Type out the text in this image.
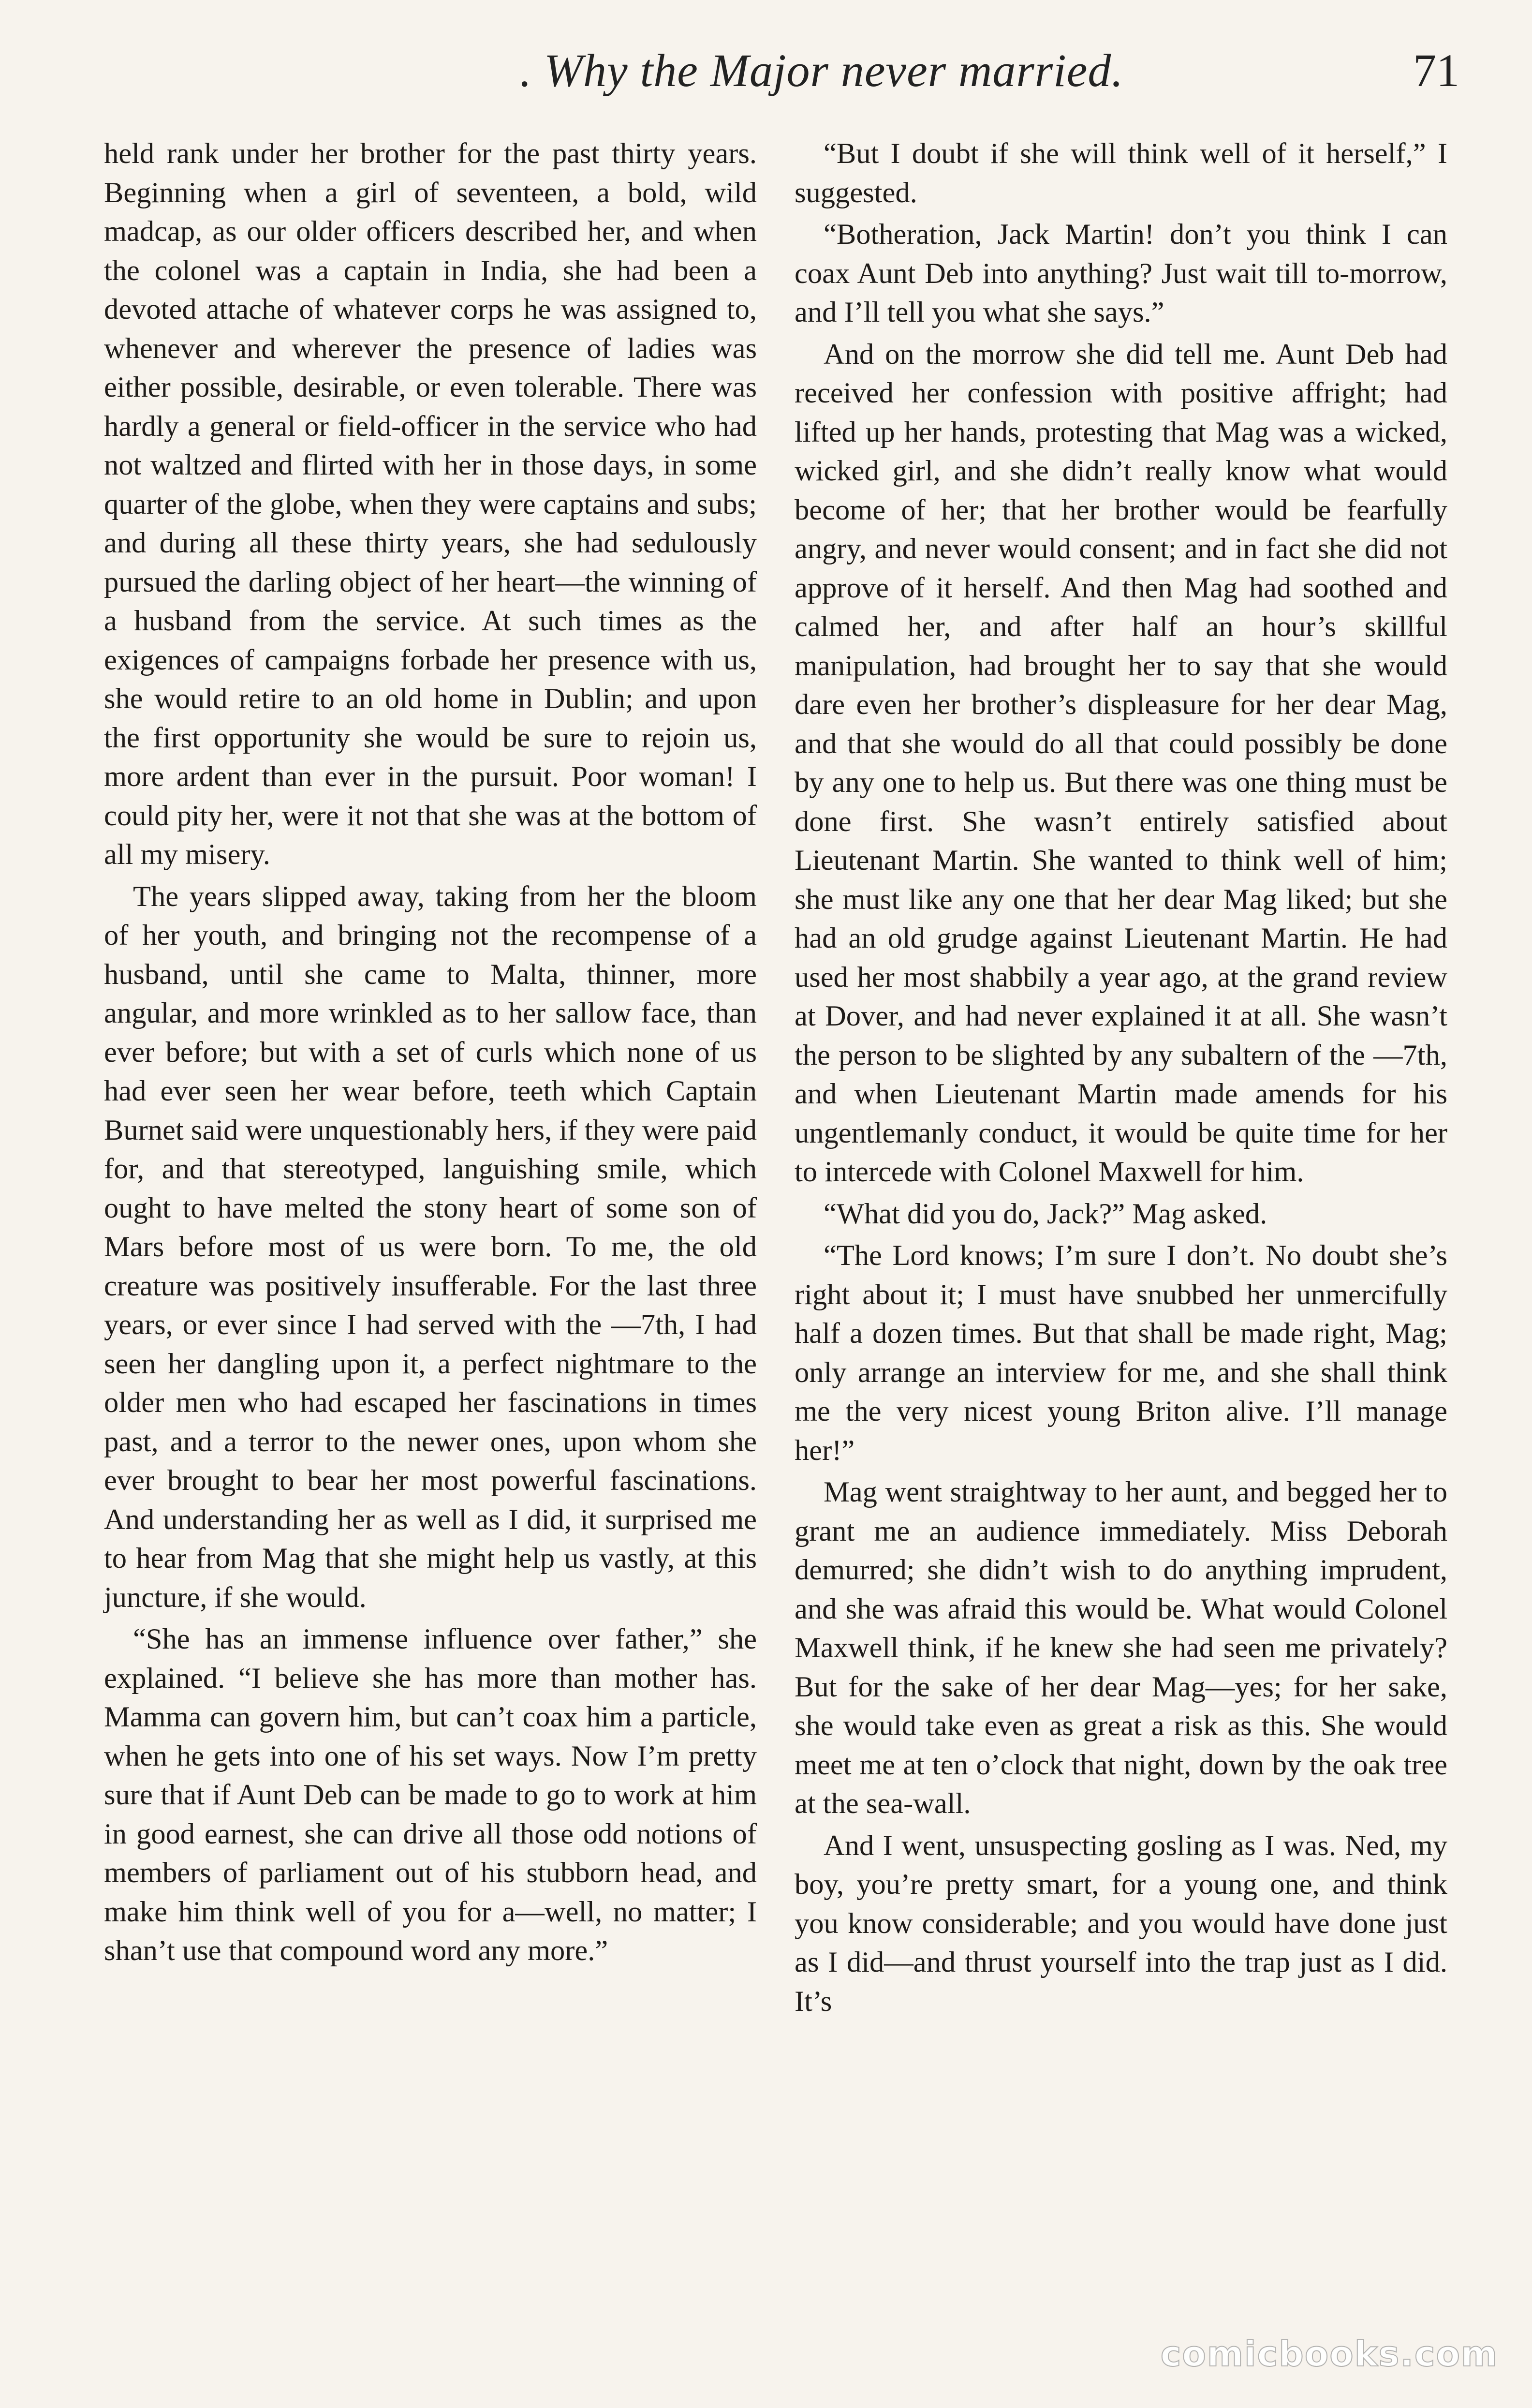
. Why the Major never married.	71

held rank under her brother for the past thirty years. Beginning when a girl of seventeen, a bold, wild madcap, as our older officers described her, and when the colonel was a captain in India, she had been a devoted attache of whatever corps he was assigned to, whenever and wherever the presence of ladies was either possible, desirable, or even tolerable. There was hardly a general or field-officer in the service who had not waltzed and flirted with her in those days, in some quarter of the globe, when they were captains and subs; and during all these thirty years, she had sedulously pursued the darling object of her heart—the winning of a husband from the service. At such times as the exigences of campaigns forbade her presence with us, she would retire to an old home in Dublin; and upon the first opportunity she would be sure to rejoin us, more ardent than ever in the pursuit. Poor woman! I could pity her, were it not that she was at the bottom of all my misery.

The years slipped away, taking from her the bloom of her youth, and bringing not the recompense of a husband, until she came to Malta, thinner, more angular, and more wrinkled as to her sallow face, than ever before; but with a set of curls which none of us had ever seen her wear before, teeth which Captain Burnet said were unquestionably hers, if they were paid for, and that stereotyped, languishing smile, which ought to have melted the stony heart of some son of Mars before most of us were born. To me, the old creature was positively insufferable. For the last three years, or ever since I had served with the —7th, I had seen her dangling upon it, a perfect nightmare to the older men who had escaped her fascinations in times past, and a terror to the newer ones, upon whom she ever brought to bear her most powerful fascinations. And understanding her as well as I did, it surprised me to hear from Mag that she might help us vastly, at this juncture, if she would.

“She has an immense influence over father,” she explained. “I believe she has more than mother has. Mamma can govern him, but can’t coax him a particle, when he gets into one of his set ways. Now I’m pretty sure that if Aunt Deb can be made to go to work at him in good earnest, she can drive all those odd notions of members of parliament out of his stubborn head, and make him think well of you for a—well, no matter; I shan’t use that compound word any more.”

“But I doubt if she will think well of it herself,” I suggested.

“Botheration, Jack Martin! don’t you think I can coax Aunt Deb into anything? Just wait till to-morrow, and I’ll tell you what she says.”

And on the morrow she did tell me. Aunt Deb had received her confession with positive affright; had lifted up her hands, protesting that Mag was a wicked, wicked girl, and she didn’t really know what would become of her; that her brother would be fearfully angry, and never would consent; and in fact she did not approve of it herself. And then Mag had soothed and calmed her, and after half an hour’s skillful manipulation, had brought her to say that she would dare even her brother’s displeasure for her dear Mag, and that she would do all that could possibly be done by any one to help us. But there was one thing must be done first. She wasn’t entirely satisfied about Lieutenant Martin. She wanted to think well of him; she must like any one that her dear Mag liked; but she had an old grudge against Lieutenant Martin. He had used her most shabbily a year ago, at the grand review at Dover, and had never explained it at all. She wasn’t the person to be slighted by any subaltern of the —7th, and when Lieutenant Martin made amends for his ungentlemanly conduct, it would be quite time for her to intercede with Colonel Maxwell for him.

“What did you do, Jack?” Mag asked.

“The Lord knows; I’m sure I don’t. No doubt she’s right about it; I must have snubbed her unmercifully half a dozen times. But that shall be made right, Mag; only arrange an interview for me, and she shall think me the very nicest young Briton alive. I’ll manage her!”

Mag went straightway to her aunt, and begged her to grant me an audience immediately. Miss Deborah demurred; she didn’t wish to do anything imprudent, and she was afraid this would be. What would Colonel Maxwell think, if he knew she had seen me privately? But for the sake of her dear Mag—yes; for her sake, she would take even as great a risk as this. She would meet me at ten o’clock that night, down by the oak tree at the sea-wall.

And I went, unsuspecting gosling as I was. Ned, my boy, you’re pretty smart, for a young one, and think you know considerable; and you would have done just as I did—and thrust yourself into the trap just as I did. It’s

comicbooks.com
